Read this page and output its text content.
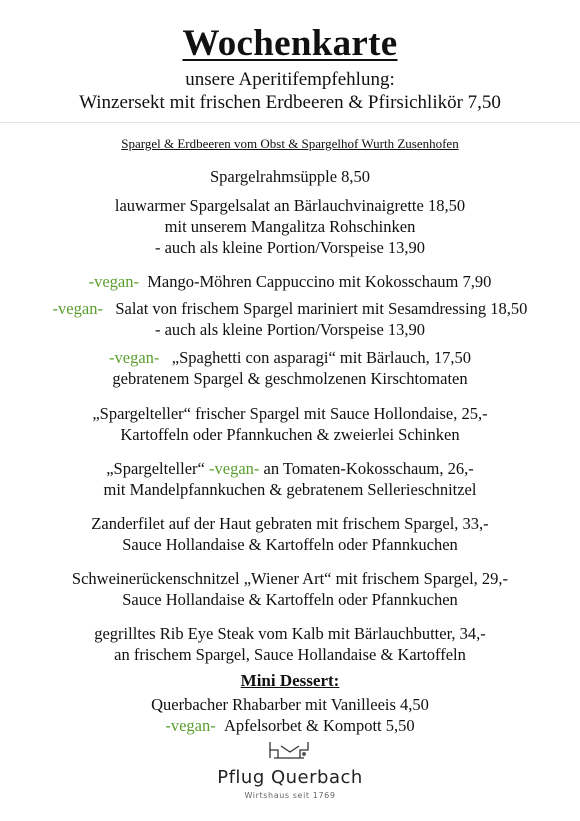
Wochenkarte
unsere Aperitifempfehlung:
Winzersekt mit frischen Erdbeeren & Pfirsichlikör 7,50
Spargel & Erdbeeren vom Obst & Spargelhof Wurth Zusenhofen
Spargelrahmsüpple 8,50
lauwarmer Spargelsalat an Bärlauchvinaigrette 18,50
mit unserem Mangalitza Rohschinken
- auch als kleine Portion/Vorspeise 13,90
-vegan- Mango-Möhren Cappuccino mit Kokosschaum 7,90
-vegan- Salat von frischem Spargel mariniert mit Sesamdressing 18,50
- auch als kleine Portion/Vorspeise 13,90
-vegan- „Spaghetti con asparagi“ mit Bärlauch, 17,50
gebratenem Spargel & geschmolzenen Kirschtomaten
„Spargelteller“ frischer Spargel mit Sauce Hollondaise, 25,-
Kartoffeln oder Pfannkuchen & zweierlei Schinken
„Spargelteller“ -vegan- an Tomaten-Kokosschaum, 26,-
mit Mandelpfannkuchen & gebratenem Sellerieschnitzel
Zanderfilet auf der Haut gebraten mit frischem Spargel, 33,-
Sauce Hollandaise & Kartoffeln oder Pfannkuchen
Schweinerückenschnitzel „Wiener Art“ mit frischem Spargel, 29,-
Sauce Hollandaise & Kartoffeln oder Pfannkuchen
gegrilltes Rib Eye Steak vom Kalb mit Bärlauchbutter, 34,-
an frischem Spargel, Sauce Hollandaise & Kartoffeln
Mini Dessert:
Querbacher Rhabarber mit Vanilleeis 4,50
-vegan- Apfelsorbet & Kompott 5,50
Pflug Querbach
Wirtshaus seit 1769
